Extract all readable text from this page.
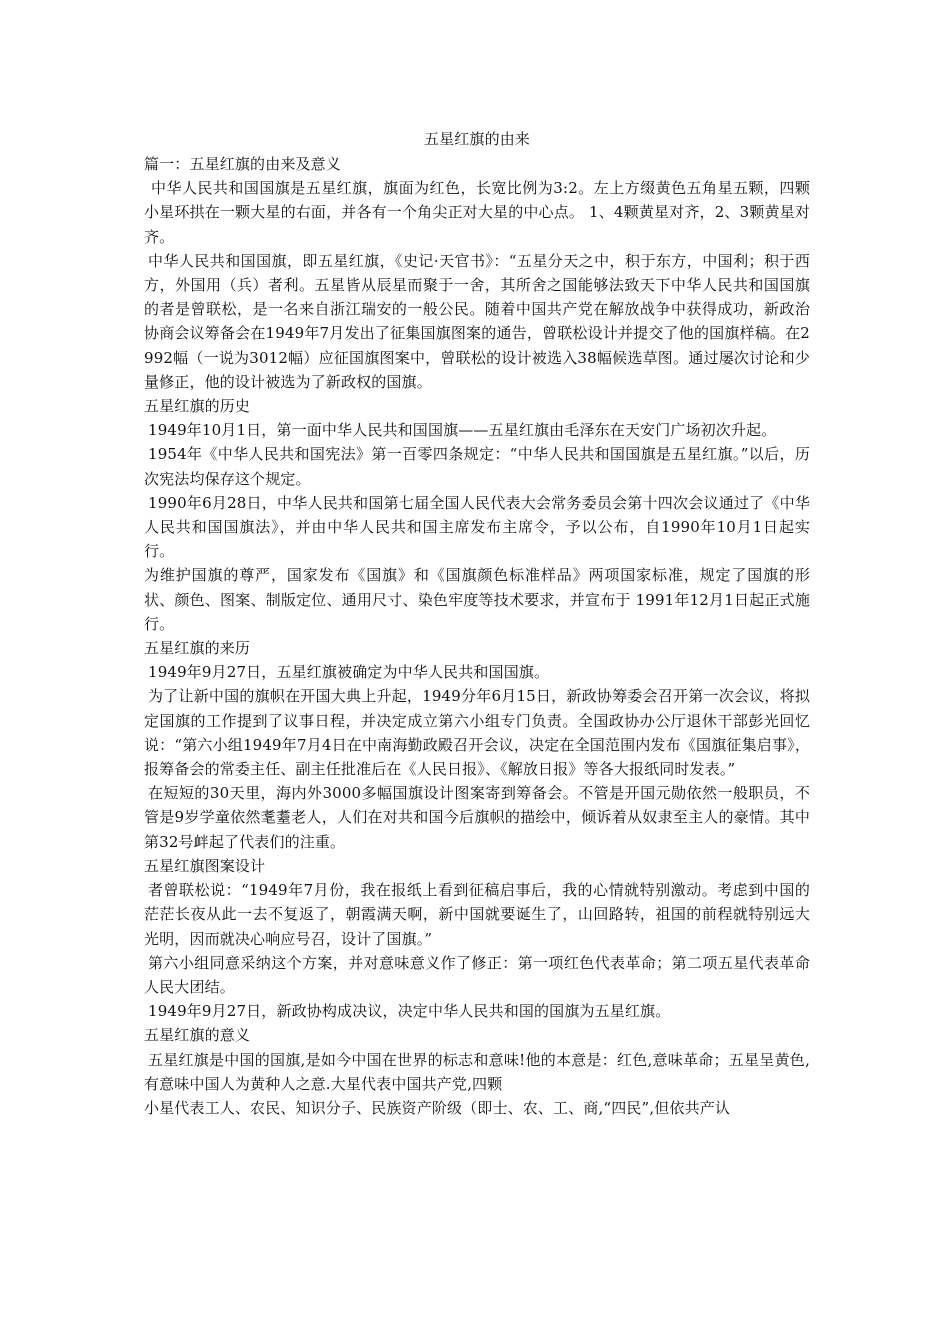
五星红旗的由来

篇一：五星红旗的由来及意义

中华人民共和国国旗是五星红旗，旗面为红色，长宽比例为3:2。左上方缀黄色五角星五颗，四颗小星环拱在一颗大星的右面，并各有一个角尖正对大星的中心点。 1、4颗黄星对齐，2、3颗黄星对齐。

中华人民共和国国旗，即五星红旗，《史记·天官书》：“五星分天之中，积于东方，中国利；积于西方，外国用（兵）者利。五星皆从辰星而聚于一舍，其所舍之国能够法致天下中华人民共和国国旗的者是曾联松，是一名来自浙江瑞安的一般公民。随着中国共产党在解放战争中获得成功，新政治协商会议筹备会在1949年7月发出了征集国旗图案的通告，曾联松设计并提交了他的国旗样稿。在2992幅（一说为3012幅）应征国旗图案中，曾联松的设计被选入38幅候选草图。通过屡次讨论和少量修正，他的设计被选为了新政权的国旗。

五星红旗的历史

1949年10月1日，第一面中华人民共和国国旗——五星红旗由毛泽东在天安门广场初次升起。

1954年《中华人民共和国宪法》第一百零四条规定：“中华人民共和国国旗是五星红旗。”以后，历次宪法均保存这个规定。

1990年6月28日，中华人民共和国第七届全国人民代表大会常务委员会第十四次会议通过了《中华人民共和国国旗法》，并由中华人民共和国主席发布主席令，予以公布，自1990年10月1日起实行。

为维护国旗的尊严，国家发布《国旗》和《国旗颜色标准样品》两项国家标准，规定了国旗的形状、颜色、图案、制版定位、通用尺寸、染色牢度等技术要求，并宣布于 1991年12月1日起正式施行。

五星红旗的来历

1949年9月27日，五星红旗被确定为中华人民共和国国旗。

为了让新中国的旗帜在开国大典上升起，1949分年6月15日，新政协筹委会召开第一次会议，将拟定国旗的工作提到了议事日程，并决定成立第六小组专门负责。全国政协办公厅退休干部彭光回忆说：“第六小组1949年7月4日在中南海勤政殿召开会议，决定在全国范围内发布《国旗征集启事》，报筹备会的常委主任、副主任批准后在《人民日报》、《解放日报》等各大报纸同时发表。”

在短短的30天里，海内外3000多幅国旗设计图案寄到筹备会。不管是开国元勋依然一般职员，不管是9岁学童依然耄耋老人，人们在对共和国今后旗帜的描绘中，倾诉着从奴隶至主人的豪情。其中第32号衅起了代表们的注重。

五星红旗图案设计

者曾联松说：“1949年7月份，我在报纸上看到征稿启事后，我的心情就特别激动。考虑到中国的茫茫长夜从此一去不复返了，朝霞满天啊，新中国就要诞生了，山回路转，祖国的前程就特别远大光明，因而就决心响应号召，设计了国旗。”

第六小组同意采纳这个方案，并对意味意义作了修正：第一项红色代表革命；第二项五星代表革命人民大团结。

1949年9月27日，新政协构成决议，决定中华人民共和国的国旗为五星红旗。

五星红旗的意义

五星红旗是中国的国旗,是如今中国在世界的标志和意味!他的本意是：红色,意味革命；五星呈黄色,有意味中国人为黄种人之意.大星代表中国共产党,四颗

小星代表工人、农民、知识分子、民族资产阶级（即士、农、工、商,“四民”,但依共产认
